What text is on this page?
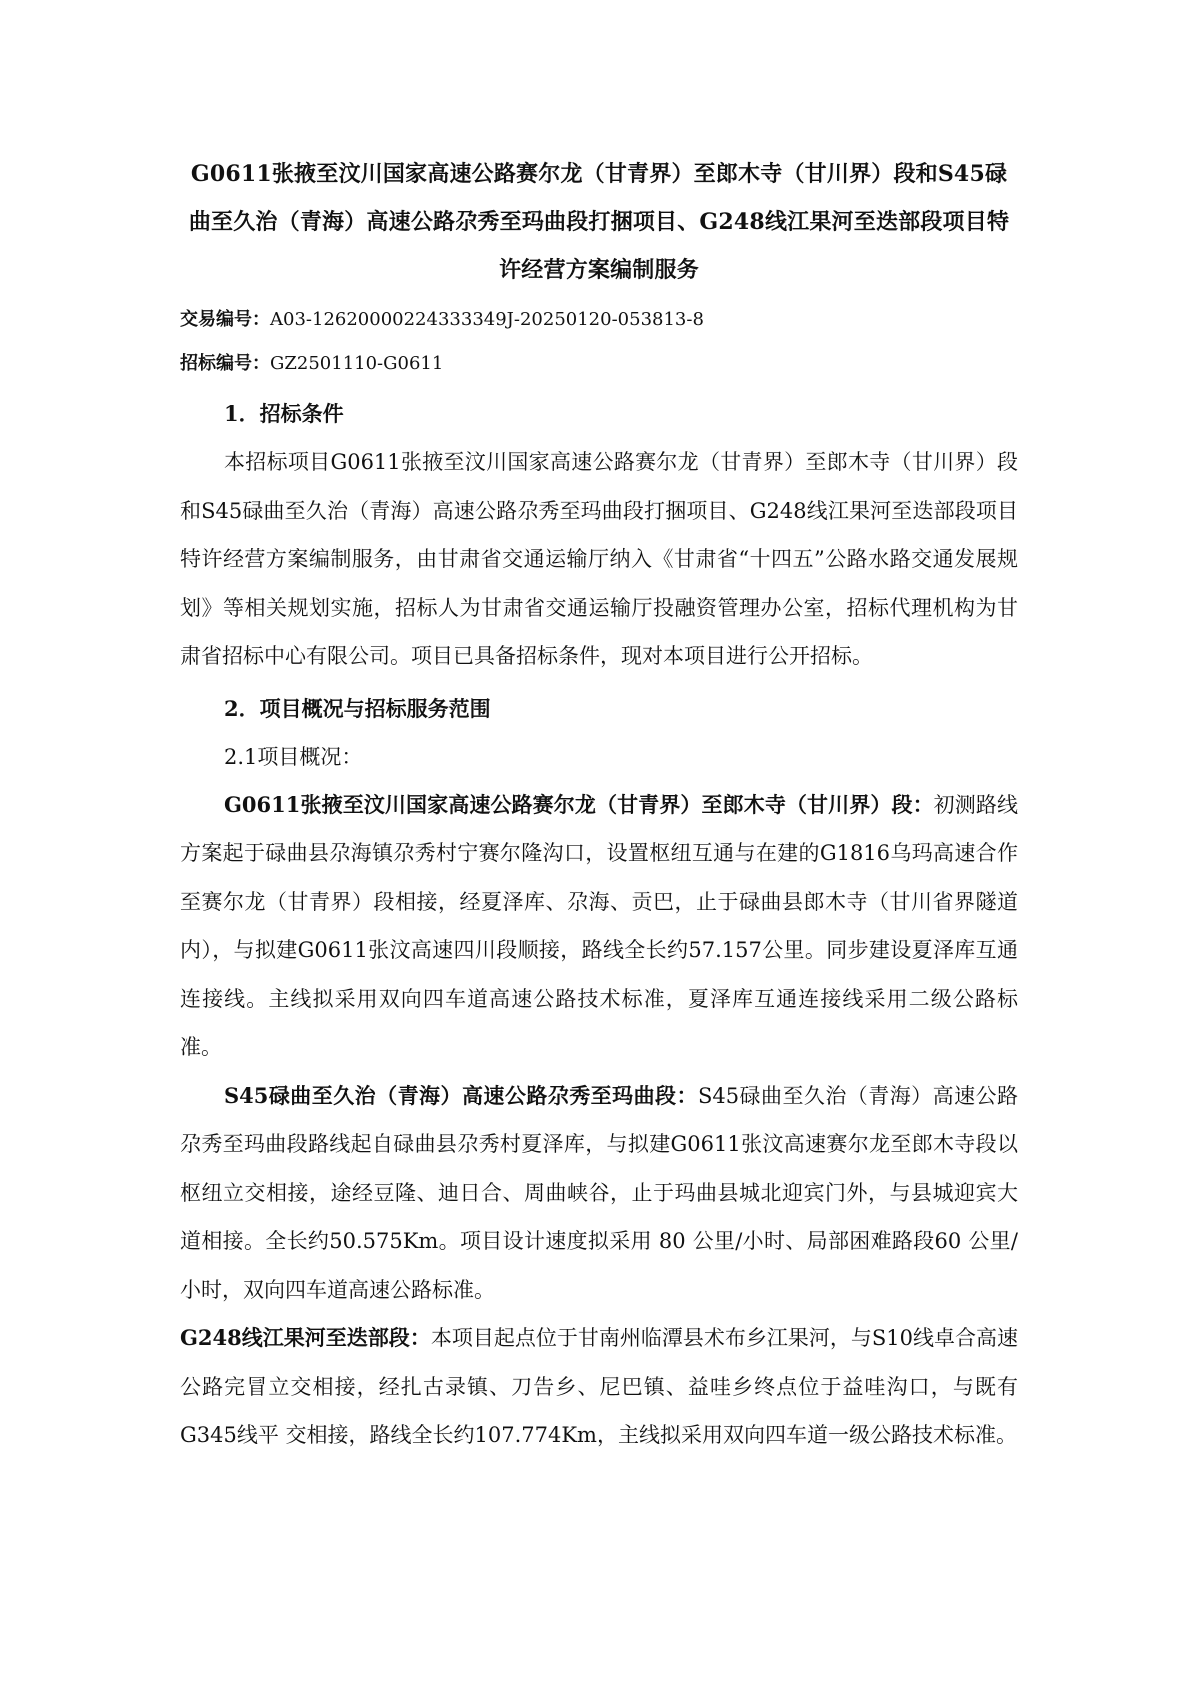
G0611张掖至汶川国家高速公路赛尔龙（甘青界）至郎木寺（甘川界）段和S45碌曲至久治（青海）高速公路尕秀至玛曲段打捆项目、G248线江果河至迭部段项目特许经营方案编制服务

交易编号：A03-12620000224333349J-20250120-053813-8

招标编号：GZ2501110-G0611

1．招标条件

本招标项目G0611张掖至汶川国家高速公路赛尔龙（甘青界）至郎木寺（甘川界）段和S45碌曲至久治（青海）高速公路尕秀至玛曲段打捆项目、G248线江果河至迭部段项目特许经营方案编制服务，由甘肃省交通运输厅纳入《甘肃省“十四五”公路水路交通发展规划》等相关规划实施，招标人为甘肃省交通运输厅投融资管理办公室，招标代理机构为甘肃省招标中心有限公司。项目已具备招标条件，现对本项目进行公开招标。

2．项目概况与招标服务范围
2.1项目概况：

G0611张掖至汶川国家高速公路赛尔龙（甘青界）至郎木寺（甘川界）段：初测路线方案起于碌曲县尕海镇尕秀村宁赛尔隆沟口，设置枢纽互通与在建的G1816乌玛高速合作至赛尔龙（甘青界）段相接，经夏泽库、尕海、贡巴，止于碌曲县郎木寺（甘川省界隧道内），与拟建G0611张汶高速四川段顺接，路线全长约57.157公里。同步建设夏泽库互通连接线。主线拟采用双向四车道高速公路技术标准，夏泽库互通连接线采用二级公路标准。

S45碌曲至久治（青海）高速公路尕秀至玛曲段：S45碌曲至久治（青海）高速公路尕秀至玛曲段路线起自碌曲县尕秀村夏泽库，与拟建G0611张汶高速赛尔龙至郎木寺段以枢纽立交相接，途经豆隆、迪日合、周曲峡谷，止于玛曲县城北迎宾门外，与县城迎宾大道相接。全长约50.575Km。项目设计速度拟采用 80 公里/小时、局部困难路段60 公里/小时，双向四车道高速公路标准。

G248线江果河至迭部段：本项目起点位于甘南州临潭县术布乡江果河，与S10线卓合高速公路完冒立交相接，经扎古录镇、刀告乡、尼巴镇、益哇乡终点位于益哇沟口，与既有G345线平 交相接，路线全长约107.774Km，主线拟采用双向四车道一级公路技术标准。
